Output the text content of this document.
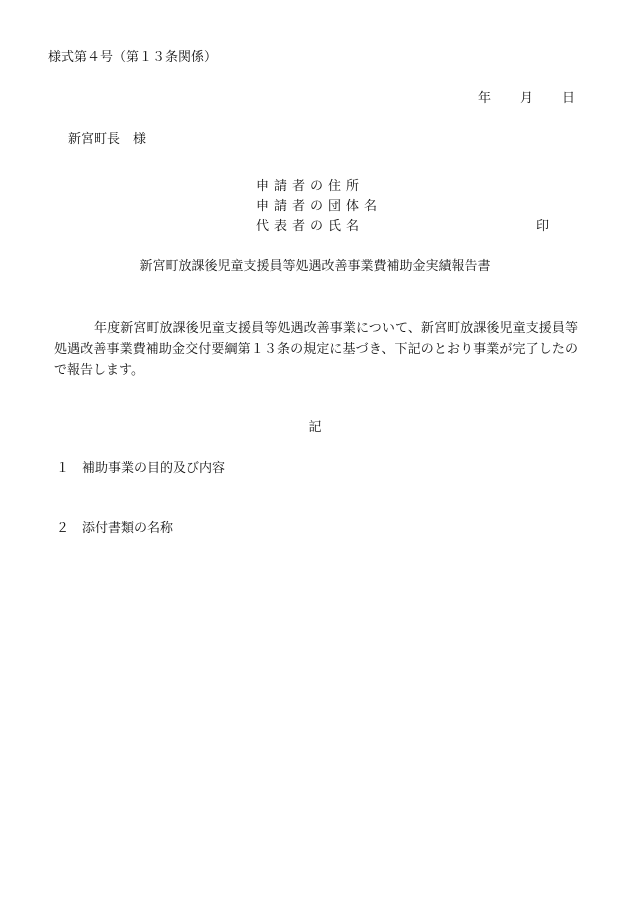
様式第４号（第１３条関係）
年	月	日
新宮町長　様
申請者の住所
申請者の団体名
代表者の氏名	印
新宮町放課後児童支援員等処遇改善事業費補助金実績報告書
年度新宮町放課後児童支援員等処遇改善事業について、新宮町放課後児童支援員等処遇改善事業費補助金交付要綱第１３条の規定に基づき、下記のとおり事業が完了したので報告します。
記
１ 補助事業の目的及び内容
２ 添付書類の名称
